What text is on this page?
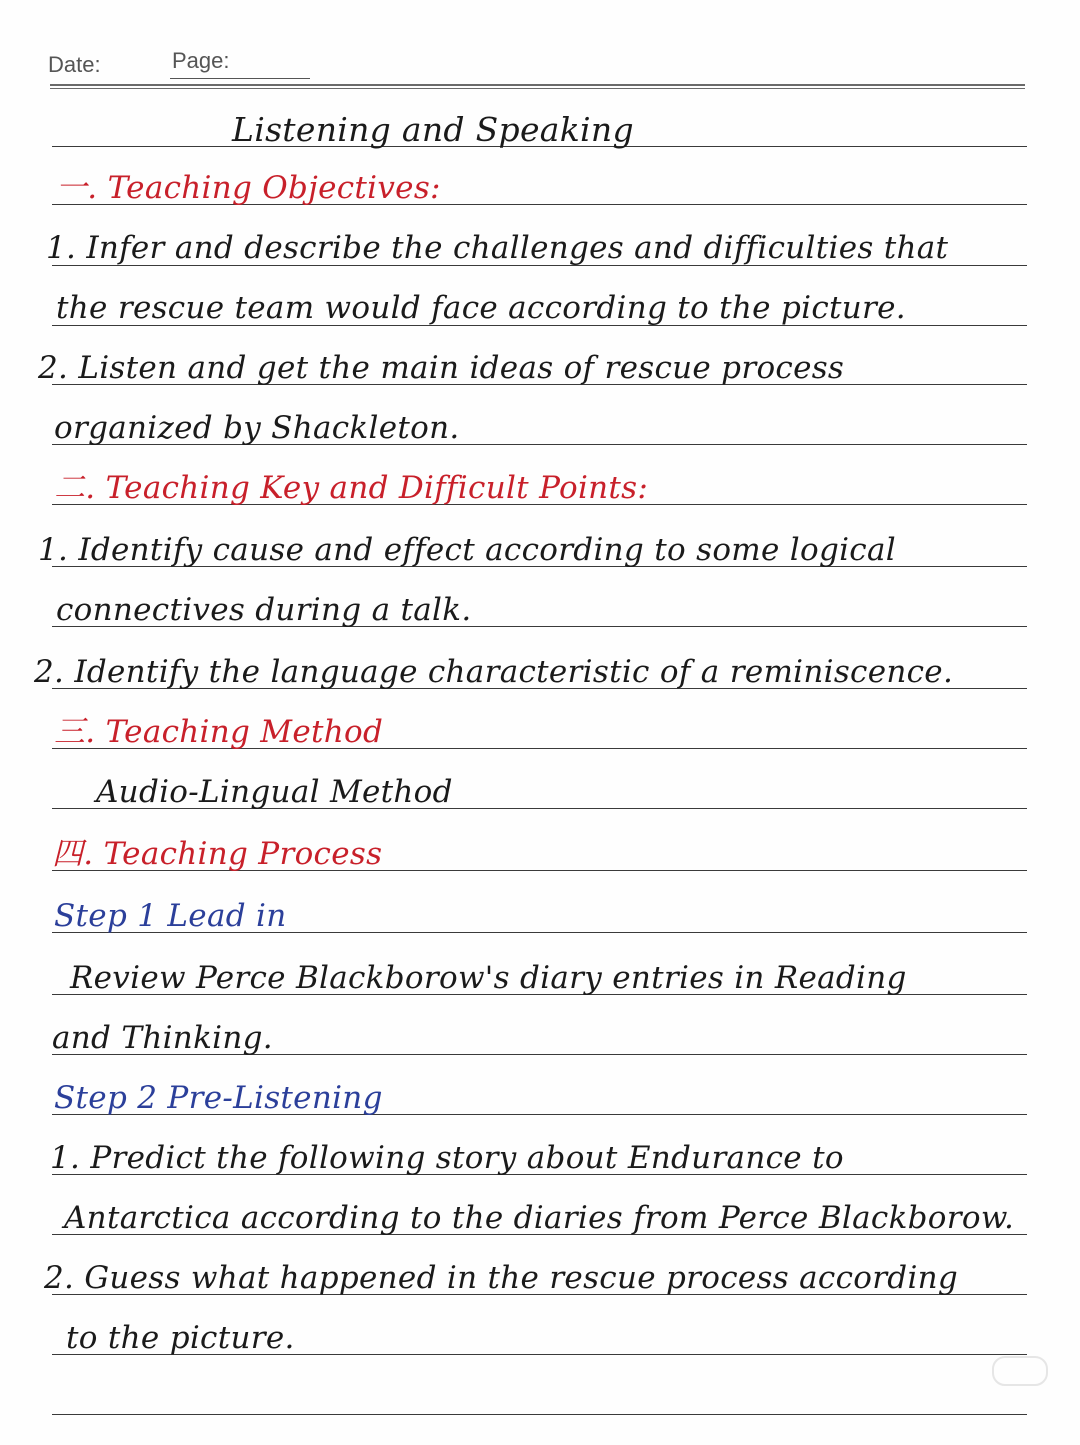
Date:	Page:
Listening and Speaking
一. Teaching Objectives:
1. Infer and describe the challenges and difficulties that
the rescue team would face according to the picture.
2. Listen and get the main ideas of rescue process
organized by Shackleton.
二. Teaching Key and Difficult Points:
1. Identify cause and effect according to some logical
connectives during a talk.
2. Identify the language characteristic of a reminiscence.
三. Teaching Method
Audio-Lingual Method
四. Teaching Process
Step 1 Lead in
Review Perce Blackborow's diary entries in Reading
and Thinking.
Step 2 Pre-Listening
1. Predict the following story about Endurance to
Antarctica according to the diaries from Perce Blackborow.
2. Guess what happened in the rescue process according
to the picture.
